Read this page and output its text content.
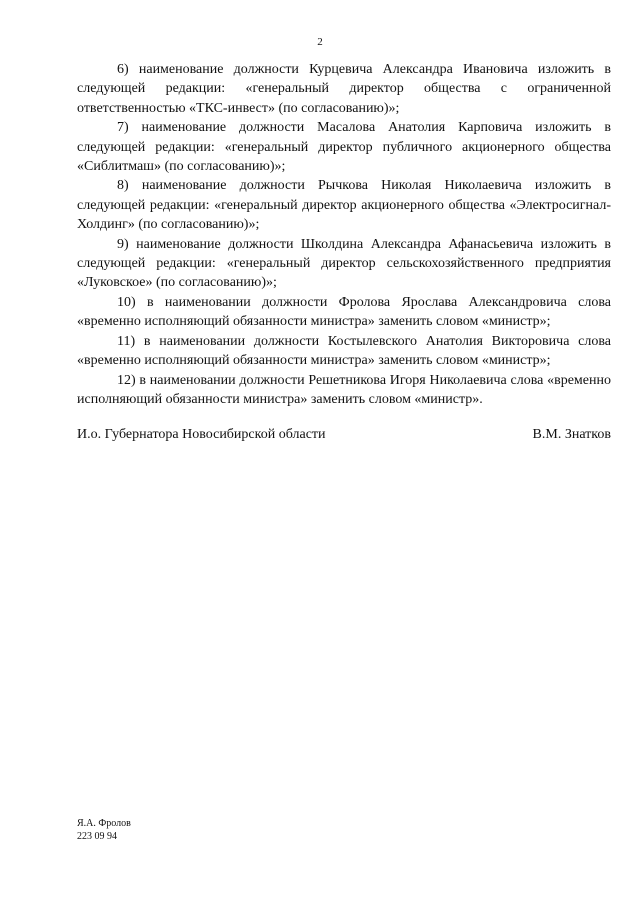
2

6) наименование должности Курцевича Александра Ивановича изложить в следующей редакции: «генеральный директор общества с ограниченной ответственностью «ТКС-инвест» (по согласованию)»;

7) наименование должности Масалова Анатолия Карповича изложить в следующей редакции: «генеральный директор публичного акционерного общества «Сиблитмаш» (по согласованию)»;

8) наименование должности Рычкова Николая Николаевича изложить в следующей редакции: «генеральный директор акционерного общества «Электросигнал-Холдинг» (по согласованию)»;

9) наименование должности Школдина Александра Афанасьевича изложить в следующей редакции: «генеральный директор сельскохозяйственного предприятия «Луковское» (по согласованию)»;

10) в наименовании должности Фролова Ярослава Александровича слова «временно исполняющий обязанности министра» заменить словом «министр»;

11) в наименовании должности Костылевского Анатолия Викторовича слова «временно исполняющий обязанности министра» заменить словом «министр»;

12) в наименовании должности Решетникова Игоря Николаевича слова «временно исполняющий обязанности министра» заменить словом «министр».

И.о. Губернатора Новосибирской области	В.М. Знатков
Я.А. Фролов
223 09 94
